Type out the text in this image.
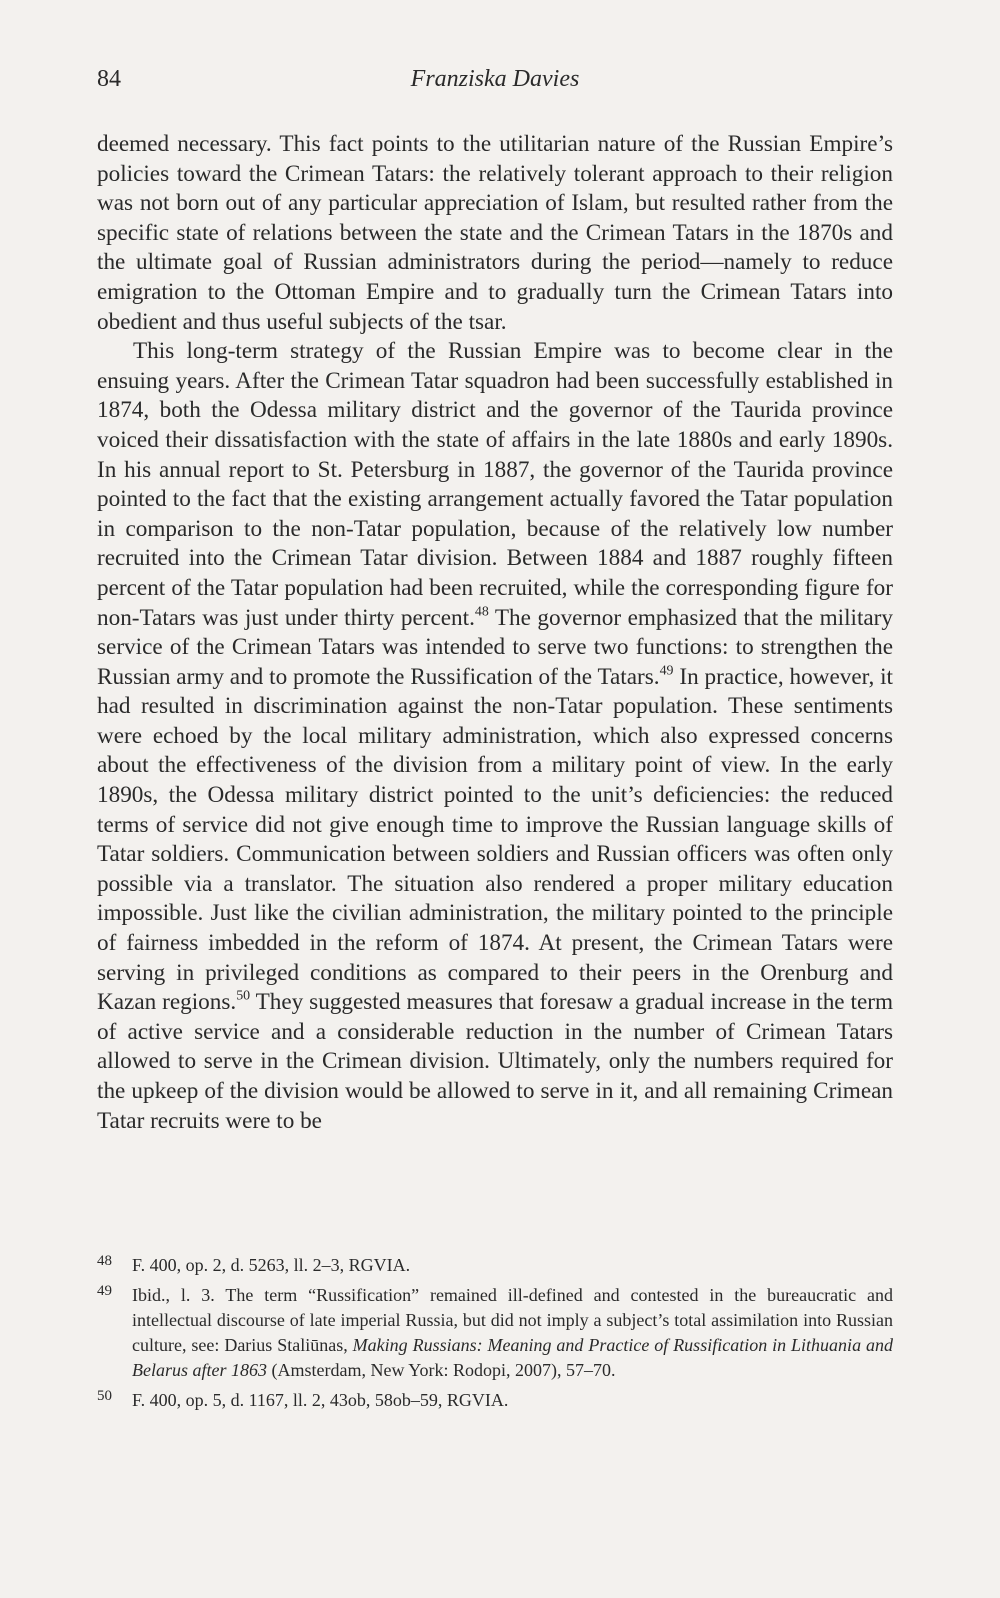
84	Franziska Davies

deemed necessary. This fact points to the utilitarian nature of the Russian Empire’s policies toward the Crimean Tatars: the relatively tolerant approach to their religion was not born out of any particular appreciation of Islam, but resulted rather from the specific state of relations between the state and the Crimean Tatars in the 1870s and the ultimate goal of Russian administrators during the period—namely to reduce emigration to the Ottoman Empire and to gradually turn the Crimean Tatars into obedient and thus useful subjects of the tsar.

This long-term strategy of the Russian Empire was to become clear in the ensuing years. After the Crimean Tatar squadron had been successfully established in 1874, both the Odessa military district and the governor of the Taurida province voiced their dissatisfaction with the state of affairs in the late 1880s and early 1890s. In his annual report to St. Petersburg in 1887, the governor of the Taurida province pointed to the fact that the existing arrangement actually favored the Tatar population in comparison to the non-Tatar population, because of the relatively low number recruited into the Crimean Tatar division. Between 1884 and 1887 roughly fifteen percent of the Tatar population had been recruited, while the corresponding figure for non-Tatars was just under thirty percent.$^{48}$ The governor emphasized that the military service of the Crimean Tatars was intended to serve two functions: to strengthen the Russian army and to promote the Russification of the Tatars.$^{49}$ In practice, however, it had resulted in discrimination against the non-Tatar population. These sentiments were echoed by the local military administration, which also expressed concerns about the effectiveness of the division from a military point of view. In the early 1890s, the Odessa military district pointed to the unit’s deficiencies: the reduced terms of service did not give enough time to improve the Russian language skills of Tatar soldiers. Communication between soldiers and Russian officers was often only possible via a translator. The situation also rendered a proper military education impossible. Just like the civilian administration, the military pointed to the principle of fairness imbedded in the reform of 1874. At present, the Crimean Tatars were serving in privileged conditions as compared to their peers in the Orenburg and Kazan regions.$^{50}$ They suggested measures that foresaw a gradual increase in the term of active service and a considerable reduction in the number of Crimean Tatars allowed to serve in the Crimean division. Ultimately, only the numbers required for the upkeep of the division would be allowed to serve in it, and all remaining Crimean Tatar recruits were to be

48 F. 400, op. 2, d. 5263, ll. 2–3, RGVIA.

49 Ibid., l. 3. The term “Russification” remained ill-defined and contested in the bureaucratic and intellectual discourse of late imperial Russia, but did not imply a subject’s total assimilation into Russian culture, see: Darius Staliūnas, Making Russians: Meaning and Practice of Russification in Lithuania and Belarus after 1863 (Amsterdam, New York: Rodopi, 2007), 57–70.

50 F. 400, op. 5, d. 1167, ll. 2, 43ob, 58ob–59, RGVIA.
